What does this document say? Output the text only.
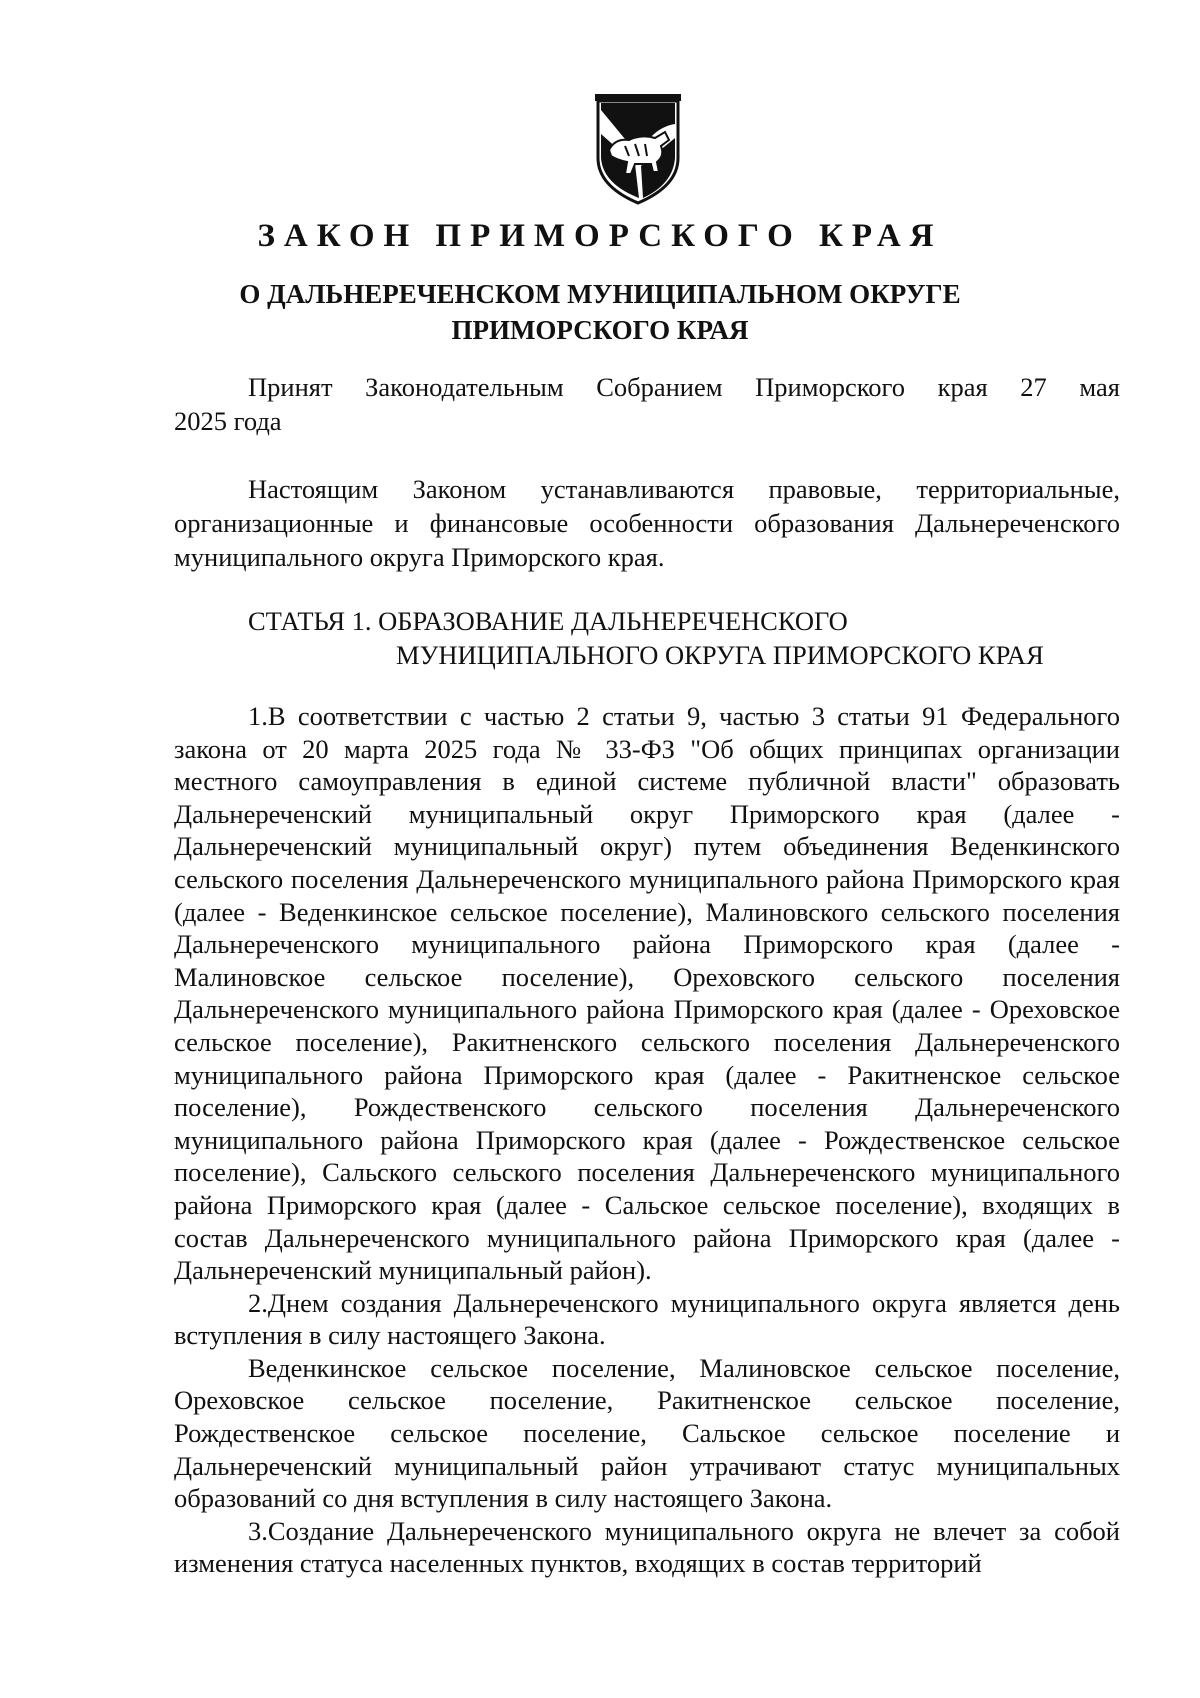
ЗАКОН ПРИМОРСКОГО КРАЯ
О ДАЛЬНЕРЕЧЕНСКОМ МУНИЦИПАЛЬНОМ ОКРУГЕ
ПРИМОРСКОГО КРАЯ
Принят Законодательным Собранием Приморского края 27 мая
2025 года
Настоящим Законом устанавливаются правовые, территориальные, организационные и финансовые особенности образования Дальнереченского муниципального округа Приморского края.
СТАТЬЯ 1. ОБРАЗОВАНИЕ ДАЛЬНЕРЕЧЕНСКОГО
МУНИЦИПАЛЬНОГО ОКРУГА ПРИМОРСКОГО КРАЯ

1.В соответствии с частью 2 статьи 9, частью 3 статьи 91 Федерального закона от 20 марта 2025 года № 33-ФЗ "Об общих принципах организации местного самоуправления в единой системе публичной власти" образовать Дальнереченский муниципальный округ Приморского края (далее - Дальнереченский муниципальный округ) путем объединения Веденкинского сельского поселения Дальнереченского муниципального района Приморского края (далее - Веденкинское сельское поселение), Малиновского сельского поселения Дальнереченского муниципального района Приморского края (далее - Малиновское сельское поселение), Ореховского сельского поселения Дальнереченского муниципального района Приморского края (далее - Ореховское сельское поселение), Ракитненского сельского поселения Дальнереченского муниципального района Приморского края (далее - Ракитненское сельское поселение), Рождественского сельского поселения Дальнереченского муниципального района Приморского края (далее - Рождественское сельское поселение), Сальского сельского поселения Дальнереченского муниципального района Приморского края (далее - Сальское сельское поселение), входящих в состав Дальнереченского муниципального района Приморского края (далее - Дальнереченский муниципальный район).

2.Днем создания Дальнереченского муниципального округа является день вступления в силу настоящего Закона.

Веденкинское сельское поселение, Малиновское сельское поселение, Ореховское сельское поселение, Ракитненское сельское поселение, Рождественское сельское поселение, Сальское сельское поселение и Дальнереченский муниципальный район утрачивают статус муниципальных образований со дня вступления в силу настоящего Закона.

3.Создание Дальнереченского муниципального округа не влечет за собой изменения статуса населенных пунктов, входящих в состав территорий
